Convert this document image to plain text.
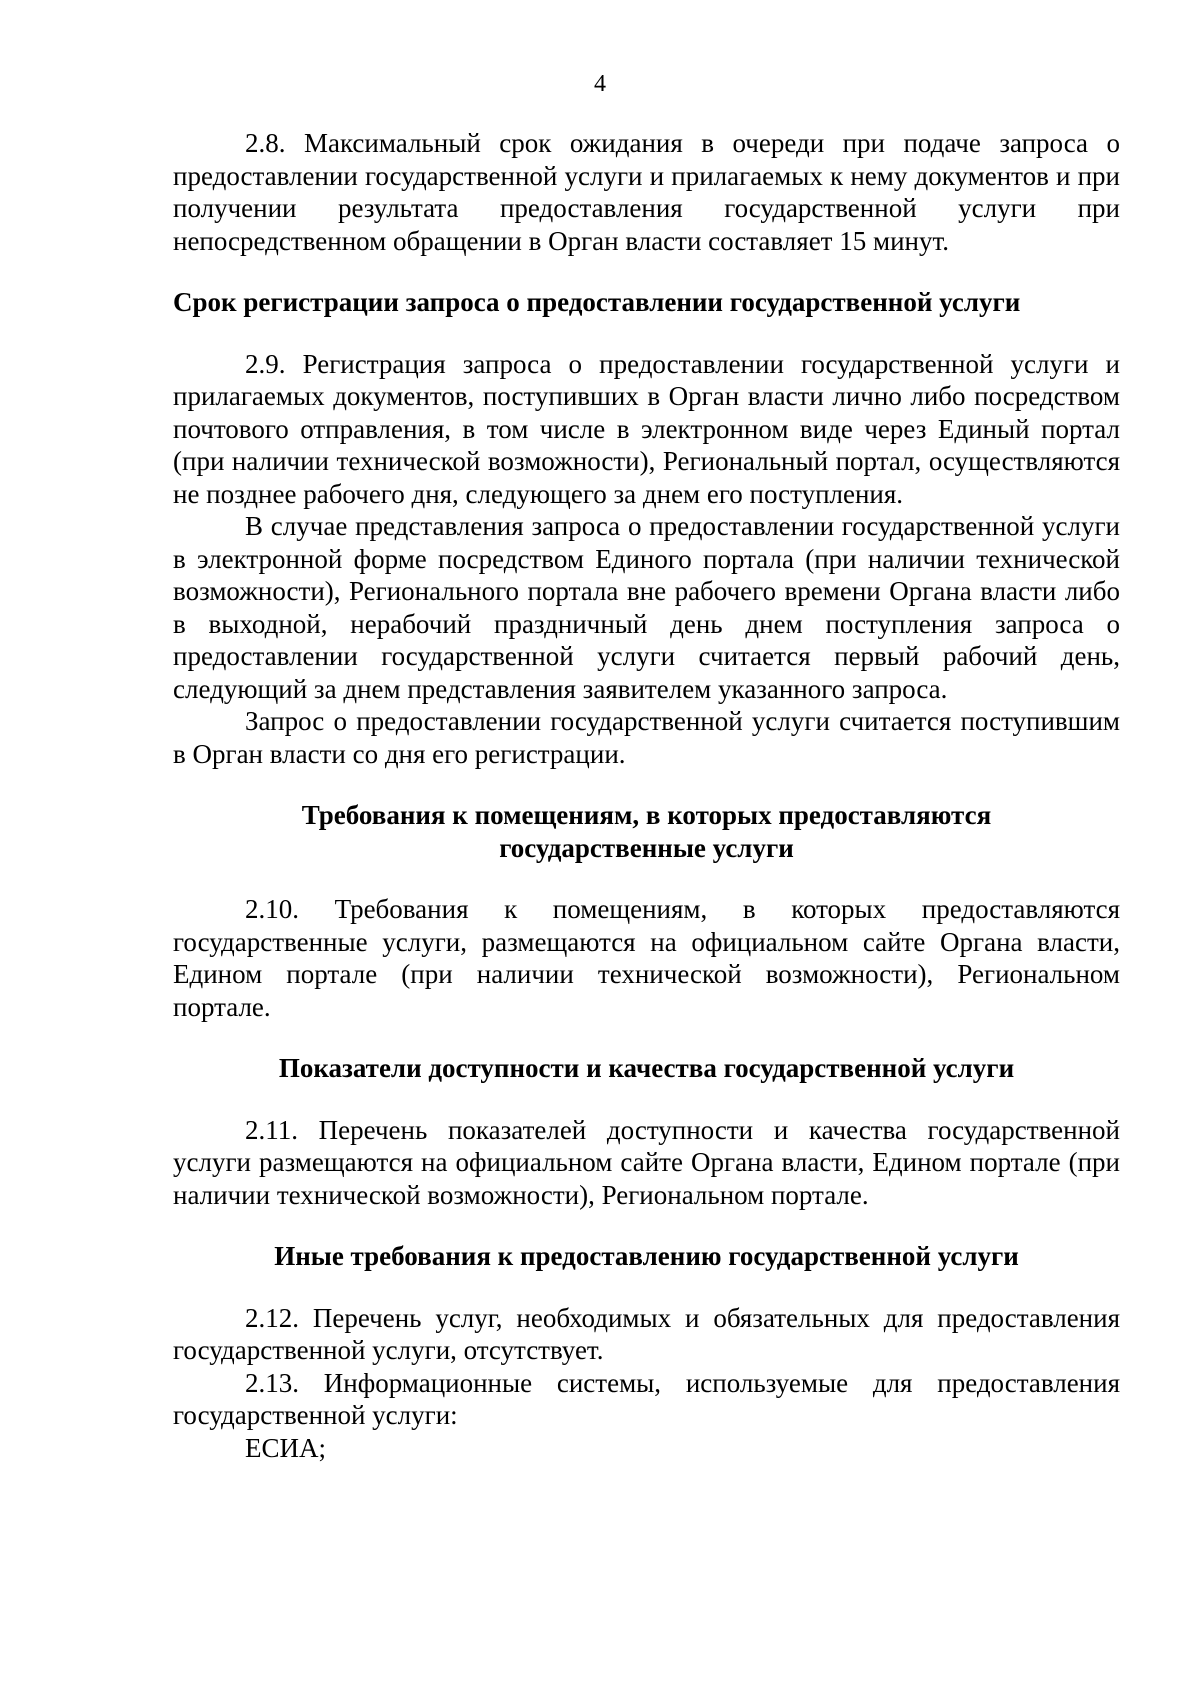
4

2.8. Максимальный срок ожидания в очереди при подаче запроса о предоставлении государственной услуги и прилагаемых к нему документов и при получении результата предоставления государственной услуги при непосредственном обращении в Орган власти составляет 15 минут.

Срок регистрации запроса о предоставлении государственной услуги

2.9. Регистрация запроса о предоставлении государственной услуги и прилагаемых документов, поступивших в Орган власти лично либо посредством почтового отправления, в том числе в электронном виде через Единый портал (при наличии технической возможности), Региональный портал, осуществляются не позднее рабочего дня, следующего за днем его поступления.

В случае представления запроса о предоставлении государственной услуги в электронной форме посредством Единого портала (при наличии технической возможности), Регионального портала вне рабочего времени Органа власти либо в выходной, нерабочий праздничный день днем поступления запроса о предоставлении государственной услуги считается первый рабочий день, следующий за днем представления заявителем указанного запроса.

Запрос о предоставлении государственной услуги считается поступившим в Орган власти со дня его регистрации.

Требования к помещениям, в которых предоставляются
государственные услуги

2.10. Требования к помещениям, в которых предоставляются государственные услуги, размещаются на официальном сайте Органа власти, Едином портале (при наличии технической возможности), Региональном портале.

Показатели доступности и качества государственной услуги

2.11. Перечень показателей доступности и качества государственной услуги размещаются на официальном сайте Органа власти, Едином портале (при наличии технической возможности), Региональном портале.

Иные требования к предоставлению государственной услуги

2.12. Перечень услуг, необходимых и обязательных для предоставления государственной услуги, отсутствует.

2.13. Информационные системы, используемые для предоставления государственной услуги:

ЕСИА;
